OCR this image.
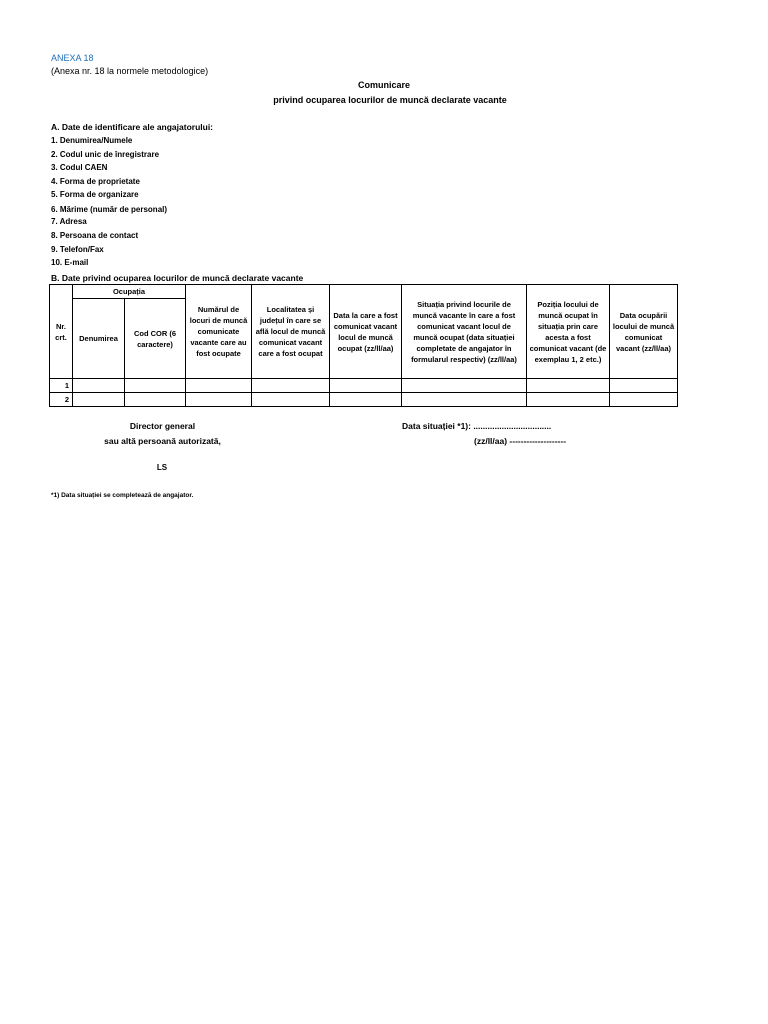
ANEXA 18
(Anexa nr. 18 la normele metodologice)
Comunicare
privind ocuparea locurilor de muncă declarate vacante
A. Date de identificare ale angajatorului:
1. Denumirea/Numele
2. Codul unic de înregistrare
3. Codul CAEN
4. Forma de proprietate
5. Forma de organizare
6. Mărime (număr de personal)
7. Adresa
8. Persoana de contact
9. Telefon/Fax
10. E-mail
B. Date privind ocuparea locurilor de muncă declarate vacante
Nr. crt.	Ocupația		Numărul de locuri de muncă comunicate vacante care au fost ocupate	Localitatea și județul în care se află locul de muncă comunicat vacant care a fost ocupat	Data la care a fost comunicat vacant locul de muncă ocupat (zz/ll/aa)	Situația privind locurile de muncă vacante în care a fost comunicat vacant locul de muncă ocupat (data situației completate de angajator în formularul respectiv) (zz/ll/aa)	Poziția locului de muncă ocupat în situația prin care acesta a fost comunicat vacant (de exemplau 1, 2 etc.)	Data ocupării locului de muncă comunicat vacant (zz/ll/aa)
	Denumirea	Cod COR (6 caractere)						
1								
2								
Director general
sau altă persoană autorizată,
LS
Data situației *1): .................................
(zz/ll/aa) --------------------
*1) Data situației se completează de angajator.
